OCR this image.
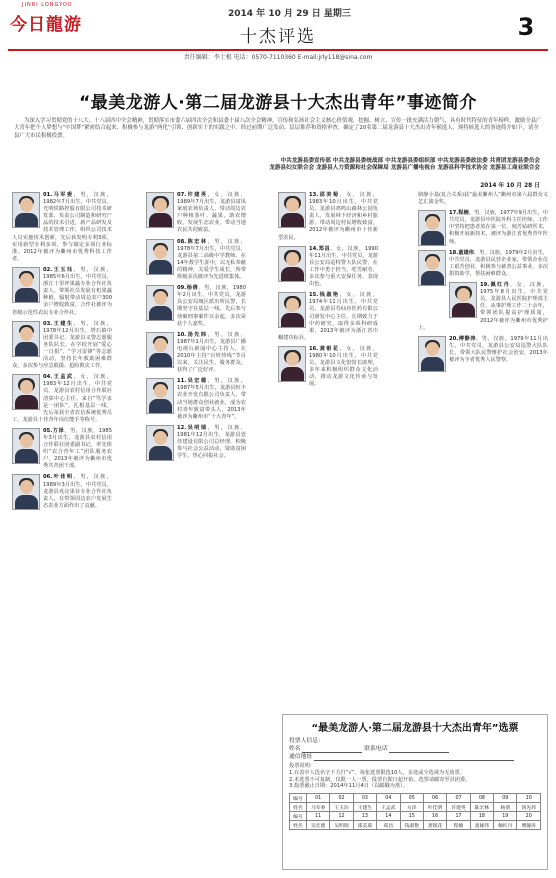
JINRI LONGYOU
今日龍游
2014 年 10 月 29 日 星期三
十杰评选	3
责任编辑：李土根 电话：0570-7110360 E-mail:jrly118@sina.com
“最美龙游人·第二届龙游县十大杰出青年”事迹简介
为深入学习贯彻党的十八大、十八届四中全会精神，贯彻落实市委六届四次全会和县委十届八次全会精神，宣传和弘扬社会主义核心价值观，挖掘、树立、宣传一批充满活力朝气、具有时代特征的青年榜样，激励全县广大青年把个人梦想与“中国梦”紧密结合起来，积极参与龙游“两化”引领、创新实干的实践之中。经过前期广泛发动、层层推荐和资格审查，确定了20名第二届龙游县十大杰出青年候选人，现将候选人的事迹简介如下，请全县广大市民积极投票。
中共龙游县委宣传部 中共龙游县委统战部 中共龙游县委组织部 中共龙游县委政法委 共青团龙游县委员会
龙游县妇女联合会 龙游县人力资源和社会保障局 龙游县广播电视台 龙游县科学技术协会 龙游县工商业联合会
2014 年 10 月 28 日
01.马军委，男，汉族，1982年7月出生，中共党员，光明铁路控股有限公司技术研发部、负责公司制造和研究产品的技术引进，新产品研发及技术管理工作。组织公司技术人员实施技术创新，先后获发明专利3项、实用新型专利多项，参与制定多项行业标准。2012年被评为衢州市优秀科技工作者。
02.王玉珏，男，汉族，1985年6月出生，中共党员，浙江十里坪果蔬专业合作社负责人。带领社员发展有机果蔬种植，辐射带动周边农户300余户增收致富，合作社被评为省级示范性农民专业合作社。
03.王建生，男，汉族，1978年12月出生，塔石镇中团委书记、龙游县义警志愿服务队队长。在学校开展“爱心一日捐”、“学习雷锋”等志愿活动，坚持长年救助困难群众，多次参与应急救援、抢险救灾工作。
04.王孟武，女，汉族，1983年12月出生，中共党员，龙游县农村信用合作联社清算中心主任。来自“笃学求是一团队”，扎根基层一线，先后荣获全省农信系统优秀员工、龙游县十佳青年岗位能手等称号。
05.方泽，男，汉族，1985年3月出生，龙游县农村信用合作联社团委副书记，率先组织“农合青年工”团队服务农户，2013年被评为衢州市优秀共青团干部。
06.叶佳明，男，汉族，1989年3月出生，中共党员，龙游县兆亮果业专业合作社负责人，在带领周边农户发展生态农业方面作出了贡献。
07.许建英，女，汉族，1989年7月出生，龙游县富凤家庭农场负责人，带动周边农户种植茶叶、蔬果，助农增收，发展生态农业，带动当地农民共同致富。
08.陈宏林，男，汉族，1978年7月出生，中共党员，龙游县第二高级中学教师。在14年教学生涯中，以无私奉献的精神，关爱学生成长，所带班级多次被评为先进班集体。
09.杨倩，男，汉族，1980年2月出生，中共党员，龙游县公安局城区派出所民警，长期坚守在基层一线，先后参与侦破刑事案件百余起，多次荣获个人嘉奖。
10.汤先炜，男，汉族，1987年1月出生，龙游县广播电视台新闻中心主持人，在2010年主持“百姓热线”节目以来，关注民生、服务群众，获得了广泛好评。
11.吴宏德，男，汉族，1987年5月出生，龙游县恒丰农业开发有限公司负责人，带动当地群众创业就业，成为农村青年致富带头人，2013年被评为衢州市“十大青年”。
12.吴明瑞，男，汉族，1981年12月出生，龙游县壹佳建设有限公司总经理，积极参与社会公益活动，资助贫困学生，热心回报社会。
13.邵美菊，女，汉族，1983年10月出生，中共党员，龙游县鸡鸣山森林公园负责人，发展林下经济和乡村旅游，带动周边村民增收致富，2012年被评为衢州市十佳新型农民。
14.郑昌，女，汉族，1990年11月出生，中共党员，龙游县公安局巡特警大队民警，在工作中勇于担当，吃苦耐劳，多次参与重大安保任务，表现出色。
15.钱淑艳，女，汉族，1974年11月出生，中共党员，龙游县寿仙谷医药有限公司研发中心主任，长期致力于中药研究，取得多项科研成果，2013年被评为浙江省巾帼建功标兵。
16.龚银花，女，汉族，1980年10月出生，中共党员，龙游县文化馆馆长助理，多年来积极组织群众文化活动，推动龙游文化传承与发展。
骆静小基(复合关系)获“最美衢州人”衢州市第六届群众文艺汇演金奖。
17.程楠，男，汉族，1977年9月出生，中共党员，龙游县中医院外科主任医师，工作中坚持把患者放在第一位，刻苦钻研医术，积极开展新技术，被评为浙江省优秀青年医师。
18.童雄伟，男，汉族，1979年2月出生，中共党员，龙游县民营企业家，带领企业员工艰苦创业，积极参与慈善公益事业，多次捐资助学，帮扶困难群众。
19.佩红丹，女，汉族，1975年8月出生，中共党员，龙游县人民医院护理部主任，从事护理工作二十余年，带领团队提高护理质量，2012年被评为衢州市优秀护士。
20.傅静涛，男，汉族，1979年11月出生，中共党员，龙游县公安局巡警大队队长，带领大队民警维护社会治安，2013年被评为全省优秀人民警察。
“最美龙游人·第二届龙游县十大杰出青年”选票
投票人信息：
姓名	联系电话
通信地址
投票说明：
1.在表中人选名字下方打“√”，每张选票限选10人，多选或少选视为无效票。
2.本选票不可复制，仅限一人一票，投票自即日起开始，选票请邮寄至县团委。
3.投票截止日期：2014年11月4日（以邮戳为准）。
编号	01	02	03	04	05	06	07	08	09	10
姓名	马军委	王玉珏	王建生	王孟武	方泽	叶佳明	许建英	陈宏林	杨倩	汤先炜
编号	11	12	13	14	15	16	17	18	19	20
姓名	吴宏德	吴明瑞	邵美菊	郑昌	钱淑艳	龚银花	程楠	童雄伟	佩红丹	傅静涛
